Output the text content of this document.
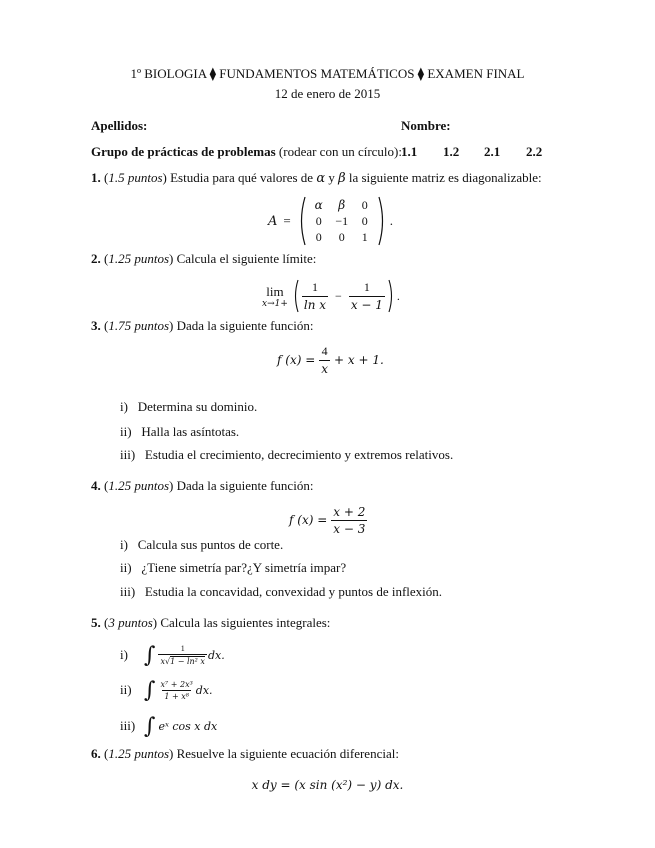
1º BIOLOGIA ⧫ FUNDAMENTOS MATEMÁTICOS ⧫ EXAMEN FINAL
12 de enero de 2015
Apellidos:	Nombre:
Grupo de prácticas de problemas (rodear con un círculo): 1.1 1.2 2.1 2.2
1. (1.5 puntos) Estudia para qué valores de α y β la siguiente matriz es diagonalizable:
A =
α	β	0
0	−1	0
0	0	1
.
2. (1.25 puntos) Calcula el siguiente límite:
lim
$x\to 1+ \frac{1}{\text{ln x}} - \frac{1}{x - 1}$ .
3. (1.75 puntos) Dada la siguiente función:
f $(x) = \frac{4}{x} + x + 1$.
i) Determina su dominio.
ii) Halla las asíntotas.
iii) Estudia el crecimiento, decrecimiento y extremos relativos.
4. (1.25 puntos) Dada la siguiente función:
f $(x) = \frac{x + 2}{x - 3}$
i) Calcula sus puntos de corte.
ii) ¿Tiene simetría par?¿Y simetría impar?
iii) Estudia la concavidad, convexidad y puntos de inflexión.
5. (3 puntos) Calcula las siguientes integrales:
i) ∫ $\frac{1}{\text{x √ 1 − ln² x}}$ dx.
ii) ∫ $\frac{\text{x⁷ + 2x³}}{\text{1 + x⁸}}$ dx.
iii) ∫ eˣ cos x dx
6. (1.25 puntos) Resuelve la siguiente ecuación diferencial:
x dy = (x sin (x²) − y) dx.
